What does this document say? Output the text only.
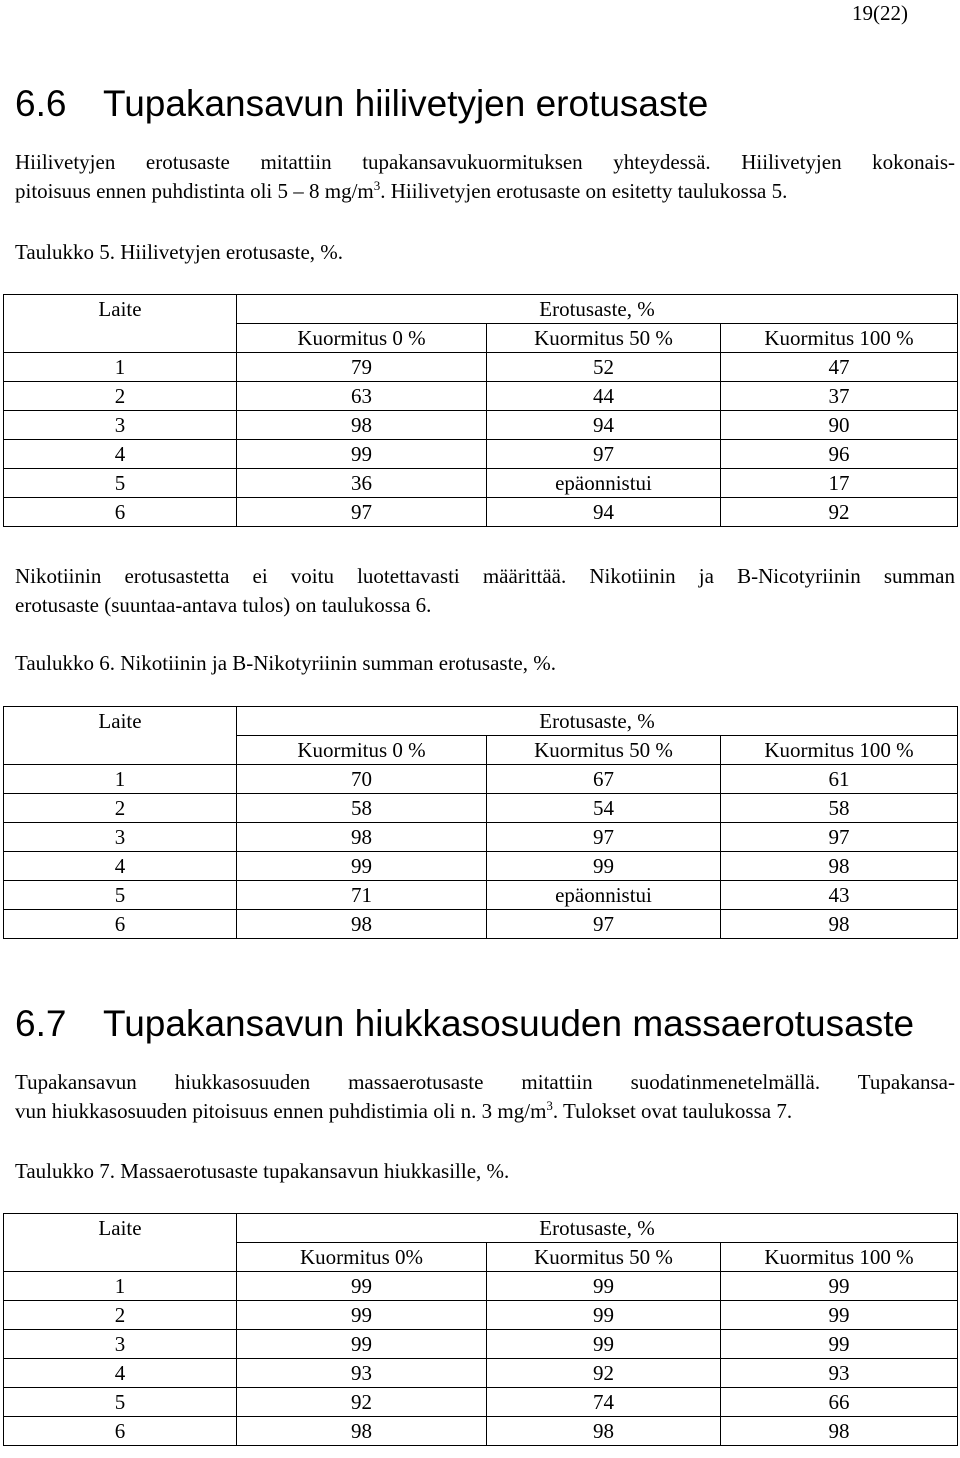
19(22)
6.6 Tupakansavun hiilivetyjen erotusaste
Hiilivetyjen erotusaste mitattiin tupakansavukuormituksen yhteydessä. Hiilivetyjen kokonais-
pitoisuus ennen puhdistinta oli 5 – 8 $mg/m^3$. Hiilivetyjen erotusaste on esitetty taulukossa 5.
Taulukko 5. Hiilivetyjen erotusaste, %.
Laite	Erotusaste, %		
	Kuormitus 0 %	Kuormitus 50 %	Kuormitus 100 %
1	79	52	47
2	63	44	37
3	98	94	90
4	99	97	96
5	36	epäonnistui	17
6	97	94	92
Nikotiinin erotusastetta ei voitu luotettavasti määrittää. Nikotiinin ja B-Nicotyriinin summan
erotusaste (suuntaa-antava tulos) on taulukossa 6.
Taulukko 6. Nikotiinin ja B-Nikotyriinin summan erotusaste, %.
Laite	Erotusaste, %		
	Kuormitus 0 %	Kuormitus 50 %	Kuormitus 100 %
1	70	67	61
2	58	54	58
3	98	97	97
4	99	99	98
5	71	epäonnistui	43
6	98	97	98
6.7 Tupakansavun hiukkasosuuden massaerotusaste
Tupakansavun hiukkasosuuden massaerotusaste mitattiin suodatinmenetelmällä. Tupakansa-
vun hiukkasosuuden pitoisuus ennen puhdistimia oli n. 3 $mg/m^3$. Tulokset ovat taulukossa 7.
Taulukko 7. Massaerotusaste tupakansavun hiukkasille, %.
Laite	Erotusaste, %		
	Kuormitus 0%	Kuormitus 50 %	Kuormitus 100 %
1	99	99	99
2	99	99	99
3	99	99	99
4	93	92	93
5	92	74	66
6	98	98	98
